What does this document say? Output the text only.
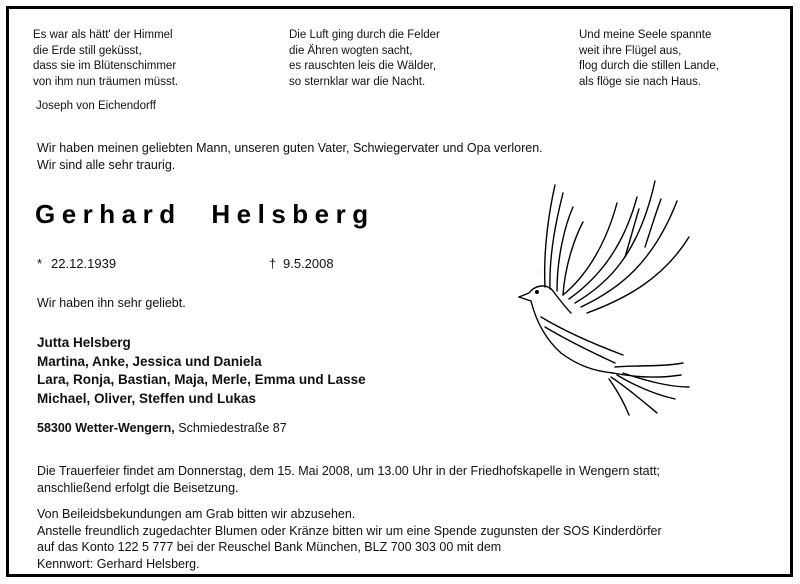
Es war als hätt' der Himmel
die Erde still geküsst,
dass sie im Blütenschimmer
von ihm nun träumen müsst.
Die Luft ging durch die Felder
die Ähren wogten sacht,
es rauschten leis die Wälder,
so sternklar war die Nacht.
Und meine Seele spannte
weit ihre Flügel aus,
flog durch die stillen Lande,
als flöge sie nach Haus.
Joseph von Eichendorff
Wir haben meinen geliebten Mann, unseren guten Vater, Schwiegervater und Opa verloren.
Wir sind alle sehr traurig.
Gerhard Helsberg
* 22.12.1939	† 9.5.2008
Wir haben ihn sehr geliebt.
Jutta Helsberg
Martina, Anke, Jessica und Daniela
Lara, Ronja, Bastian, Maja, Merle, Emma und Lasse
Michael, Oliver, Steffen und Lukas
58300 Wetter-Wengern, Schmiedestraße 87
Die Trauerfeier findet am Donnerstag, dem 15. Mai 2008, um 13.00 Uhr in der Friedhofskapelle in Wengern statt;
anschließend erfolgt die Beisetzung.
Von Beileidsbekundungen am Grab bitten wir abzusehen.
Anstelle freundlich zugedachter Blumen oder Kränze bitten wir um eine Spende zugunsten der SOS Kinderdörfer
auf das Konto 122 5 777 bei der Reuschel Bank München, BLZ 700 303 00 mit dem
Kennwort: Gerhard Helsberg.
